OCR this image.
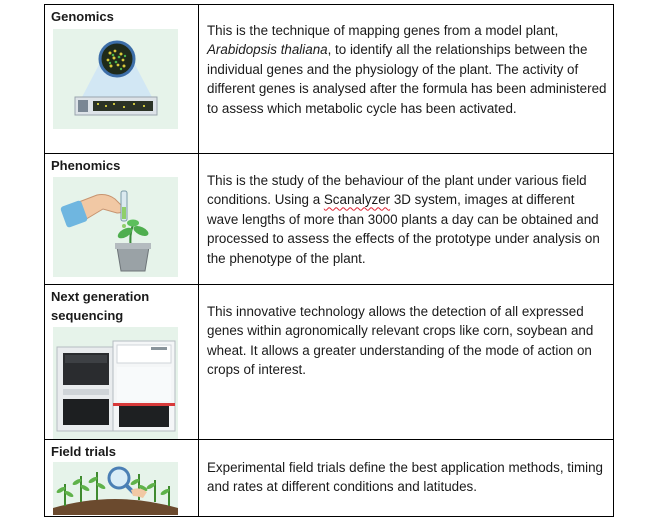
Genomics	This is the technique of mapping genes from a model plant, Arabidopsis thaliana, to identify all the relationships between the individual genes and the physiology of the plant. The activity of different genes is analysed after the formula has been administered to assess which metabolic cycle has been activated.

Phenomics	This is the study of the behaviour of the plant under various field conditions. Using a Scanalyzer 3D system, images at different wave lengths of more than 3000 plants a day can be obtained and processed to assess the effects of the prototype under analysis on the phenotype of the plant.

Next generation sequencing	This innovative technology allows the detection of all expressed genes within agronomically relevant crops like corn, soybean and wheat. It allows a greater understanding of the mode of action on crops of interest.

Field trials	Experimental field trials define the best application methods, timing and rates at different conditions and latitudes.
